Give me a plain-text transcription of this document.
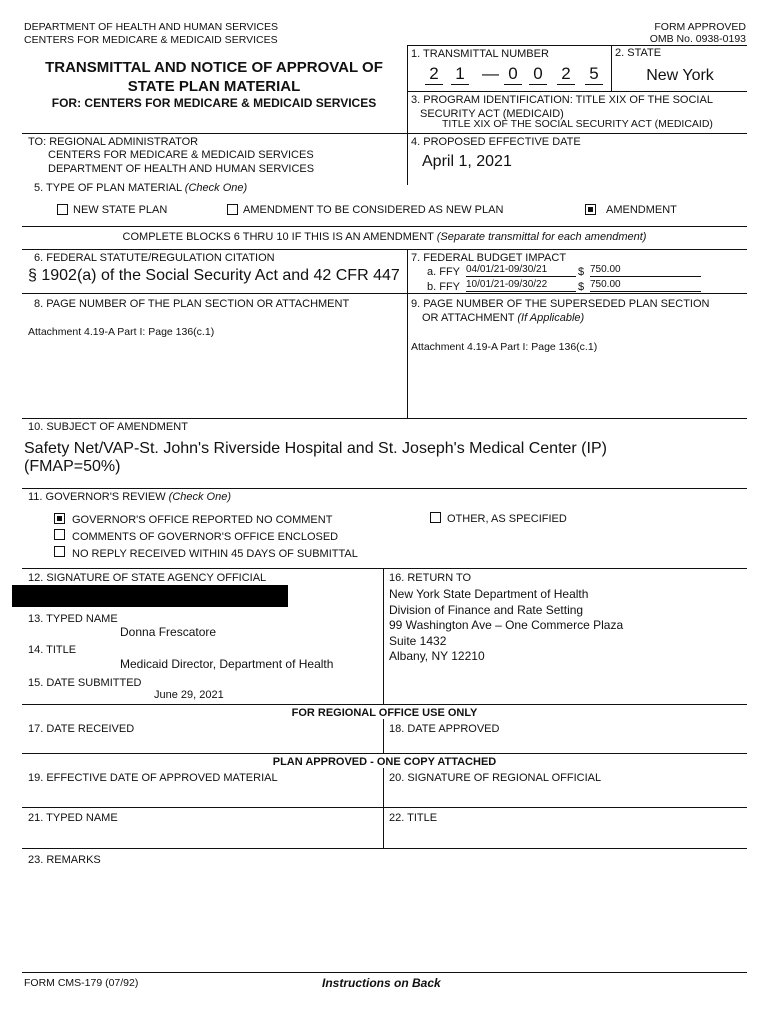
DEPARTMENT OF HEALTH AND HUMAN SERVICES
CENTERS FOR MEDICARE & MEDICAID SERVICES
FORM APPROVED
OMB No. 0938-0193
TRANSMITTAL AND NOTICE OF APPROVAL OF
STATE PLAN MATERIAL
FOR: CENTERS FOR MEDICARE & MEDICAID SERVICES
1. TRANSMITTAL NUMBER
2 1 — 0 0 2 5
2. STATE
New York
3. PROGRAM IDENTIFICATION: TITLE XIX OF THE SOCIAL
SECURITY ACT (MEDICAID)
TITLE XIX OF THE SOCIAL SECURITY ACT (MEDICAID)
TO: REGIONAL ADMINISTRATOR
CENTERS FOR MEDICARE & MEDICAID SERVICES
DEPARTMENT OF HEALTH AND HUMAN SERVICES
4. PROPOSED EFFECTIVE DATE
April 1, 2021
5. TYPE OF PLAN MATERIAL (Check One)
NEW STATE PLAN	AMENDMENT TO BE CONSIDERED AS NEW PLAN	AMENDMENT
COMPLETE BLOCKS 6 THRU 10 IF THIS IS AN AMENDMENT (Separate transmittal for each amendment)
6. FEDERAL STATUTE/REGULATION CITATION
§ 1902(a) of the Social Security Act and 42 CFR 447
7. FEDERAL BUDGET IMPACT
a. FFY 04/01/21-09/30/21	$ 750.00
b. FFY 10/01/21-09/30/22	$ 750.00
8. PAGE NUMBER OF THE PLAN SECTION OR ATTACHMENT
Attachment 4.19-A Part I: Page 136(c.1)
9. PAGE NUMBER OF THE SUPERSEDED PLAN SECTION
OR ATTACHMENT (If Applicable)
Attachment 4.19-A Part I: Page 136(c.1)
10. SUBJECT OF AMENDMENT
Safety Net/VAP-St. John's Riverside Hospital and St. Joseph's Medical Center (IP)
(FMAP=50%)
11. GOVERNOR'S REVIEW (Check One)
GOVERNOR'S OFFICE REPORTED NO COMMENT
COMMENTS OF GOVERNOR'S OFFICE ENCLOSED
NO REPLY RECEIVED WITHIN 45 DAYS OF SUBMITTAL
OTHER, AS SPECIFIED
12. SIGNATURE OF STATE AGENCY OFFICIAL
13. TYPED NAME
Donna Frescatore
14. TITLE
Medicaid Director, Department of Health
15. DATE SUBMITTED
June 29, 2021
16. RETURN TO
New York State Department of Health
Division of Finance and Rate Setting
99 Washington Ave – One Commerce Plaza
Suite 1432
Albany, NY 12210
FOR REGIONAL OFFICE USE ONLY
17. DATE RECEIVED	18. DATE APPROVED
PLAN APPROVED - ONE COPY ATTACHED
19. EFFECTIVE DATE OF APPROVED MATERIAL	20. SIGNATURE OF REGIONAL OFFICIAL
21. TYPED NAME	22. TITLE
23. REMARKS
FORM CMS-179 (07/92)	Instructions on Back
